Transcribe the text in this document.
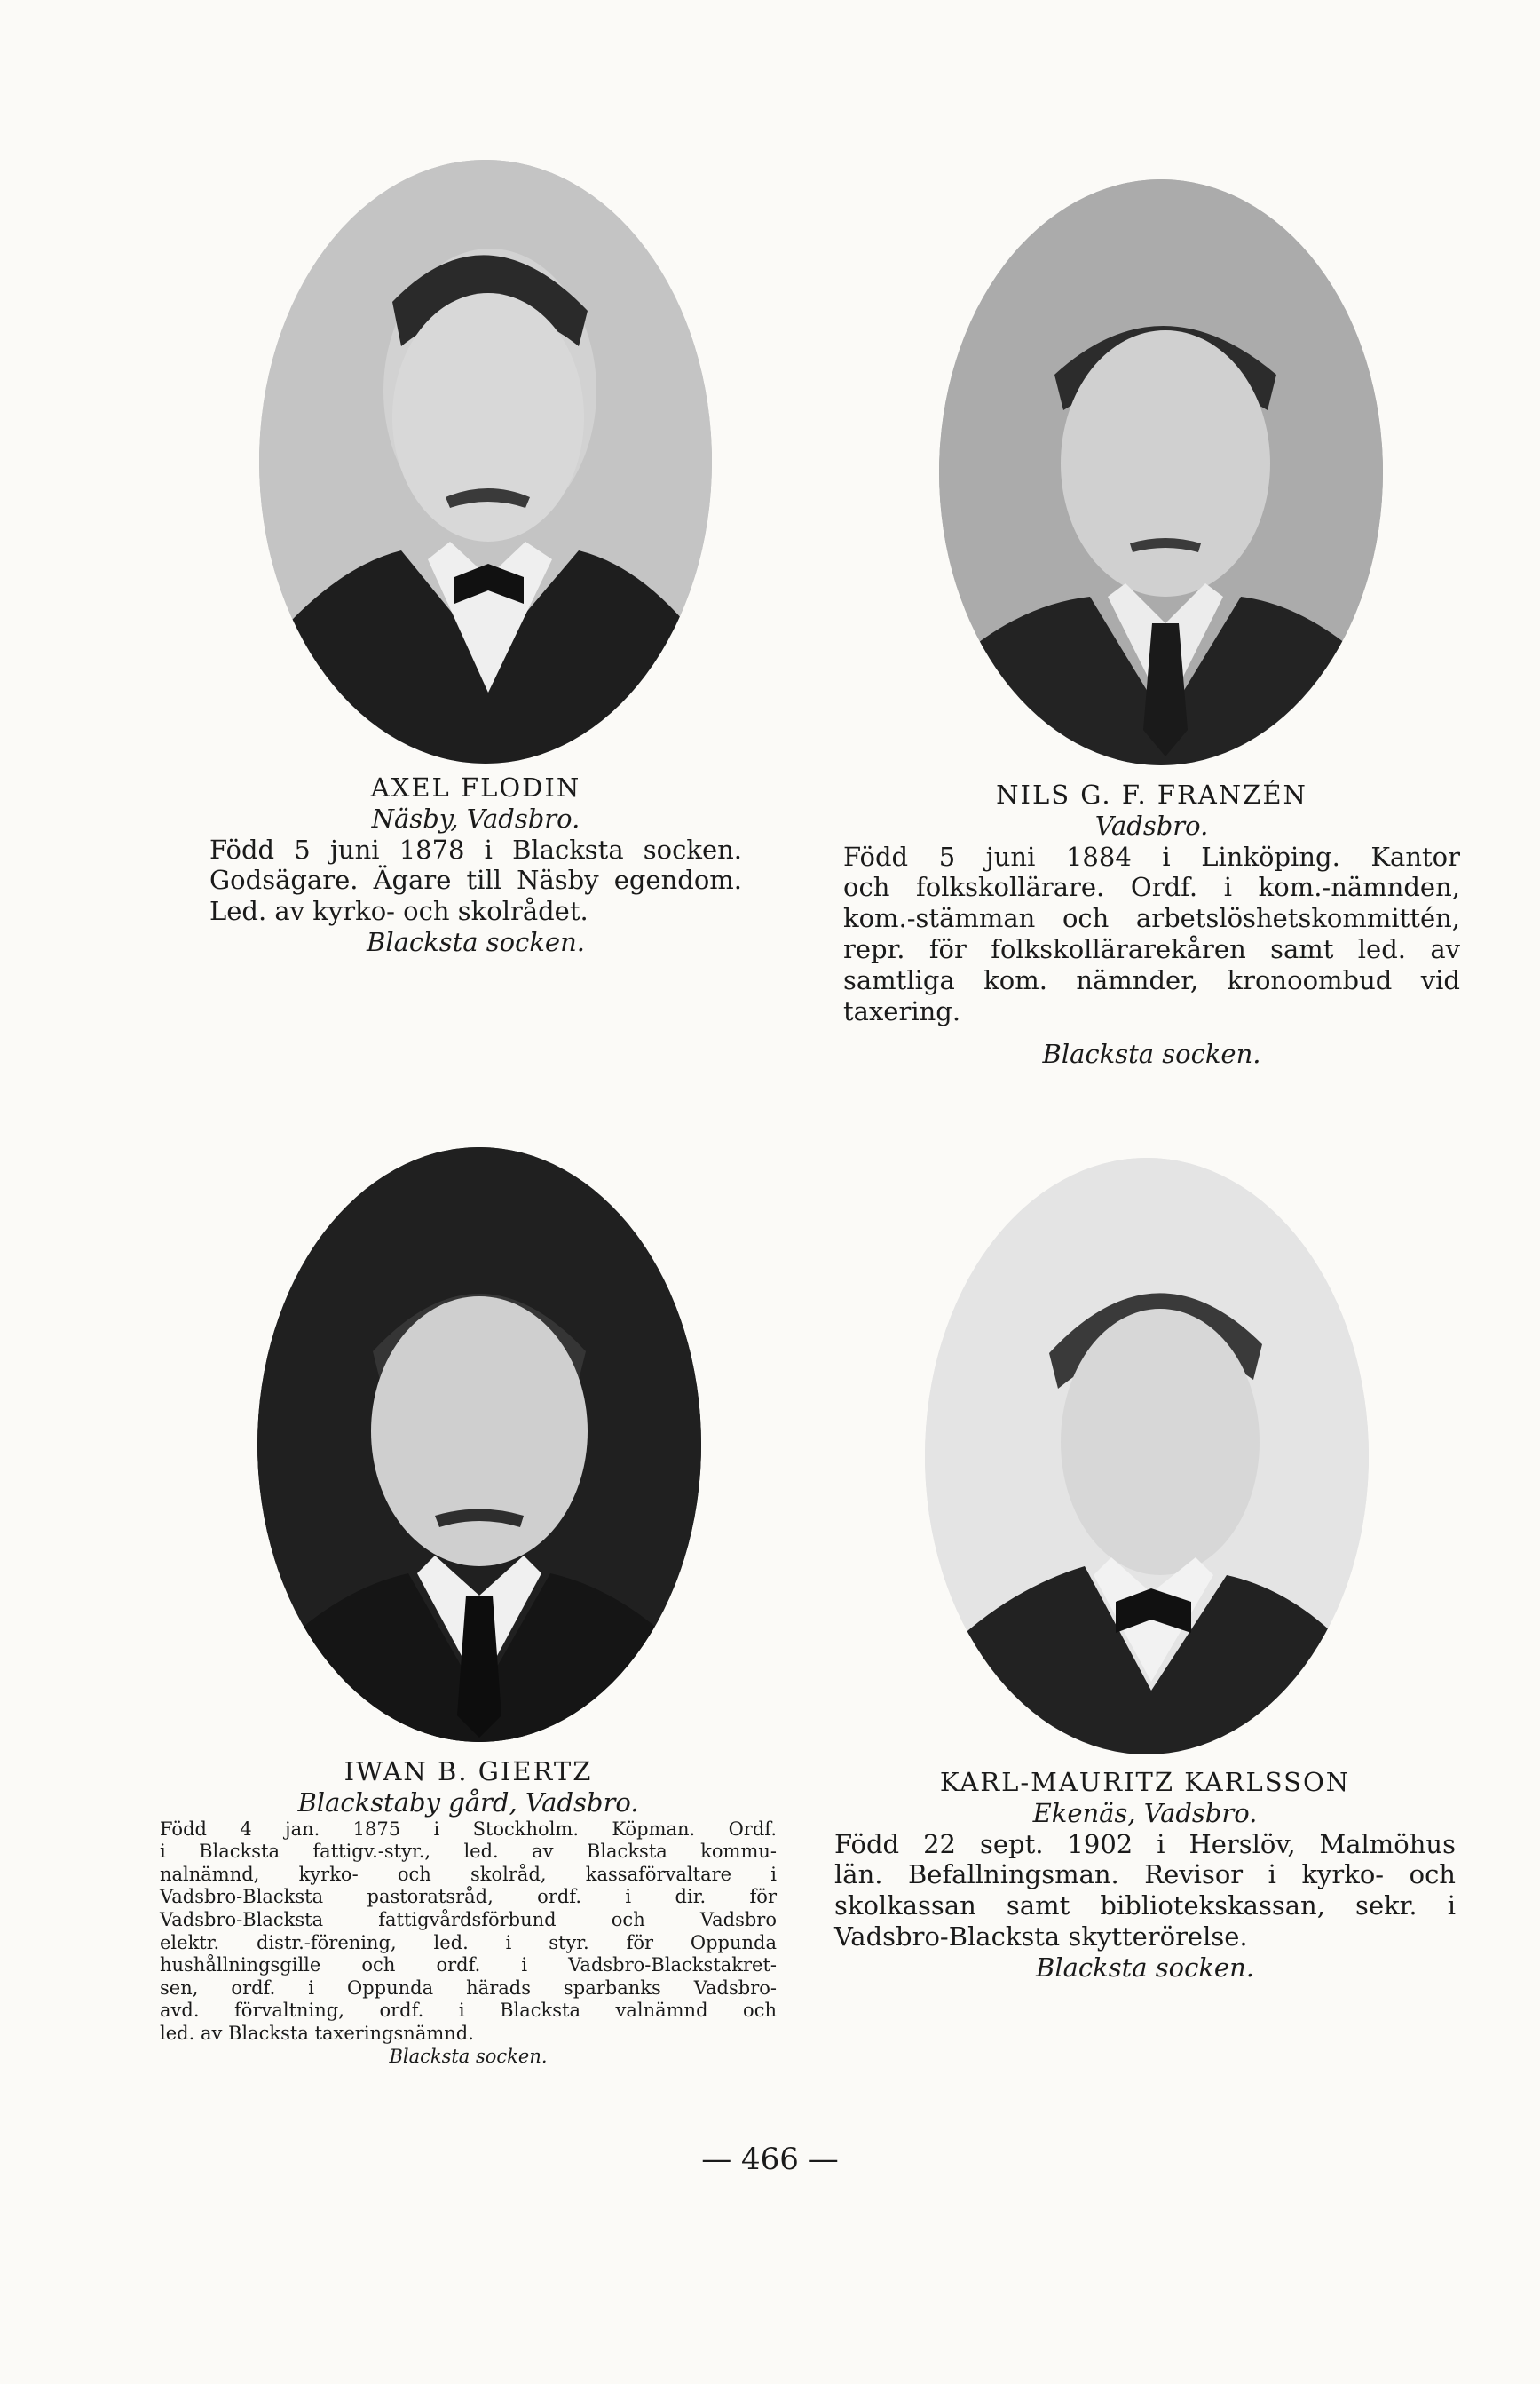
AXEL FLODIN
Näsby, Vadsbro.
Född 5 juni 1878 i Blacksta socken.
Godsägare. Ägare till Näsby egendom.
Led. av kyrko- och skolrådet.
Blacksta socken.
NILS G. F. FRANZÉN
Vadsbro.
Född 5 juni 1884 i Linköping. Kantor
och folkskollärare. Ordf. i kom.-nämnden,
kom.-stämman och arbetslöshetskommittén,
repr. för folkskollärarekåren samt led. av
samtliga kom. nämnder, kronoombud vid
taxering.
Blacksta socken.
IWAN B. GIERTZ
Blackstaby gård, Vadsbro.
Född 4 jan. 1875 i Stockholm. Köpman. Ordf.
i Blacksta fattigv.-styr., led. av Blacksta kommu-
nalnämnd, kyrko- och skolråd, kassaförvaltare i
Vadsbro-Blacksta pastoratsråd, ordf. i dir. för
Vadsbro-Blacksta fattigvårdsförbund och Vadsbro
elektr. distr.-förening, led. i styr. för Oppunda
hushållningsgille och ordf. i Vadsbro-Blackstakret-
sen, ordf. i Oppunda härads sparbanks Vadsbro-
avd. förvaltning, ordf. i Blacksta valnämnd och
led. av Blacksta taxeringsnämnd.
Blacksta socken.
KARL-MAURITZ KARLSSON
Ekenäs, Vadsbro.
Född 22 sept. 1902 i Herslöv, Malmöhus
län. Befallningsman. Revisor i kyrko- och
skolkassan samt bibliotekskassan, sekr. i
Vadsbro-Blacksta skytterörelse.
Blacksta socken.
— 466 —
